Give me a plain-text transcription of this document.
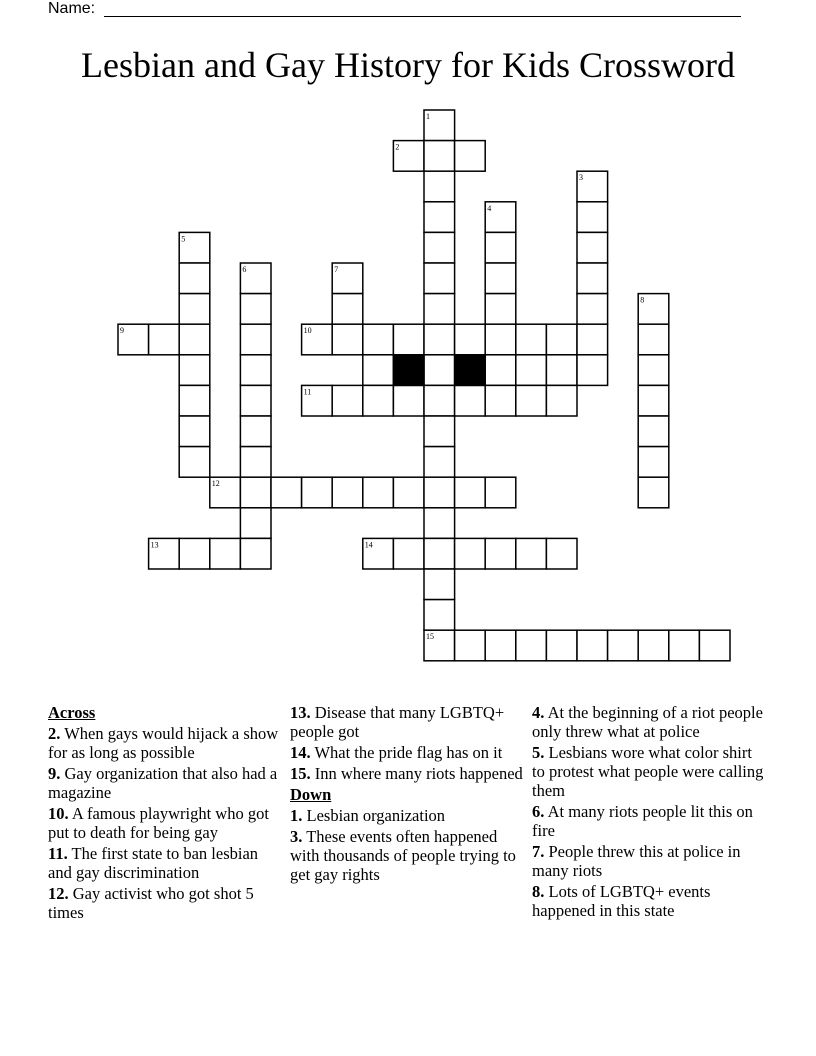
Name:
Lesbian and Gay History for Kids Crossword
1
2
3
4
5
6	7
8
9	10
11
12
13	14
15
Across
2. When gays would hijack a show for as long as possible
9. Gay organization that also had a magazine
10. A famous playwright who got put to death for being gay
11. The first state to ban lesbian and gay discrimination
12. Gay activist who got shot 5 times
13. Disease that many LGBTQ+ people got
14. What the pride flag has on it
15. Inn where many riots happened
Down
1. Lesbian organization
3. These events often happened with thousands of people trying to get gay rights
4. At the beginning of a riot people only threw what at police
5. Lesbians wore what color shirt to protest what people were calling them
6. At many riots people lit this on fire
7. People threw this at police in many riots
8. Lots of LGBTQ+ events happened in this state
